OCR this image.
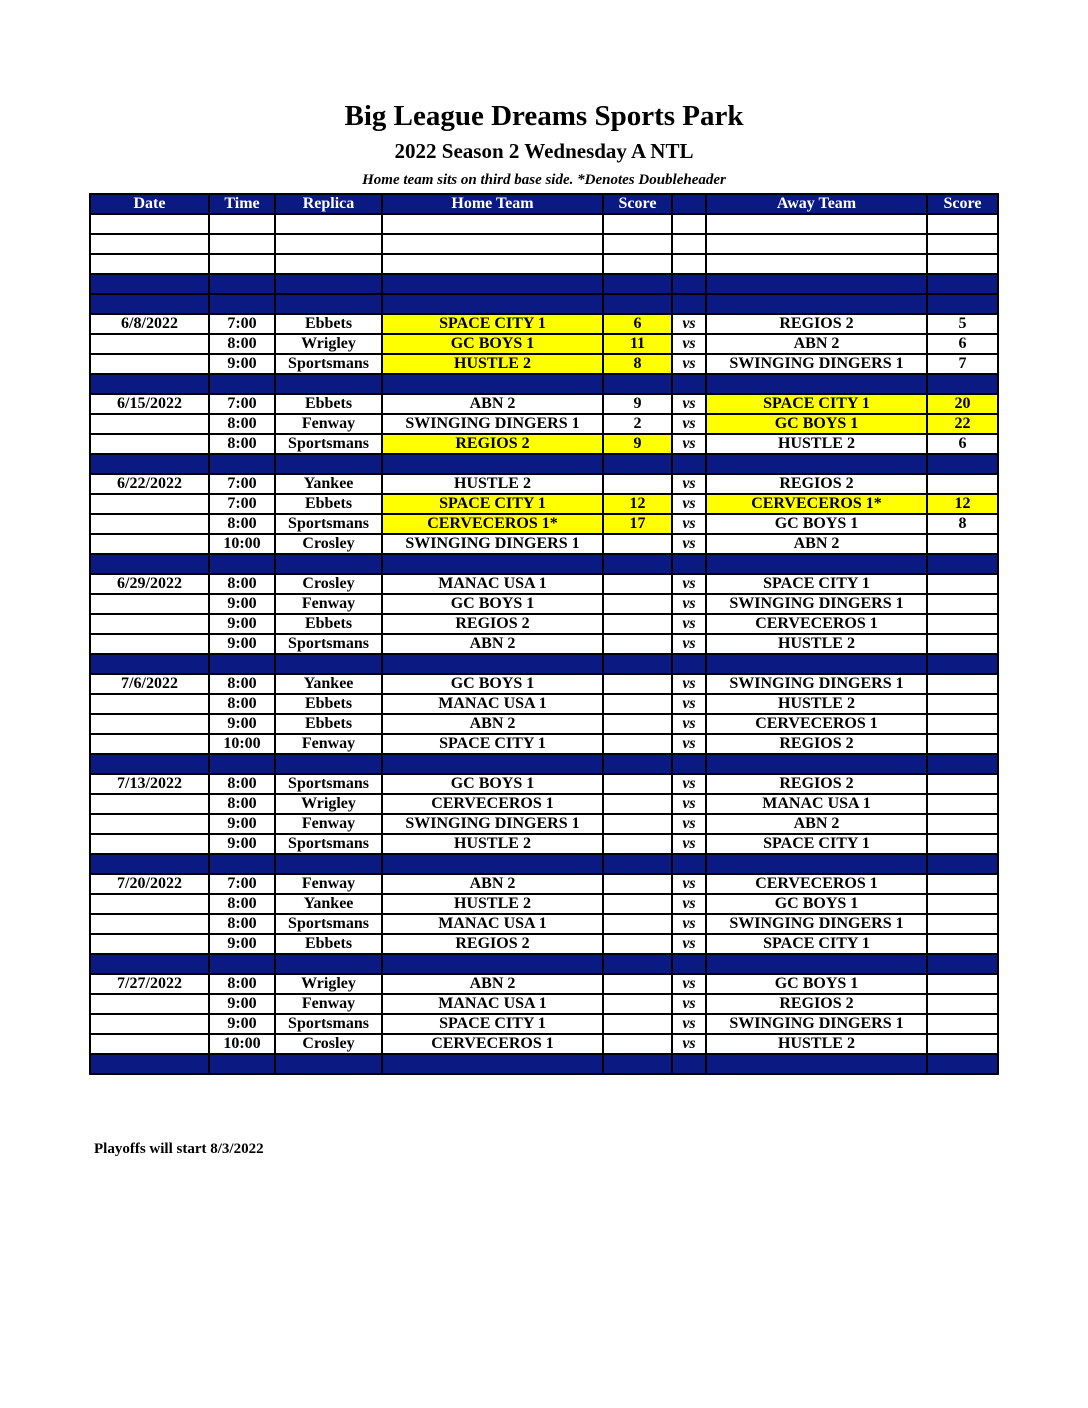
Big League Dreams Sports Park
2022 Season 2 Wednesday A NTL
Home team sits on third base side. *Denotes Doubleheader
Date	Time	Replica	Home Team	Score		Away Team	Score

6/8/2022	7:00	Ebbets	SPACE CITY 1	6	vs	REGIOS 2	5
	8:00	Wrigley	GC BOYS 1	11	vs	ABN 2	6
	9:00	Sportsmans	HUSTLE 2	8	vs	SWINGING DINGERS 1	7

6/15/2022	7:00	Ebbets	ABN 2	9	vs	SPACE CITY 1	20
	8:00	Fenway	SWINGING DINGERS 1	2	vs	GC BOYS 1	22
	8:00	Sportsmans	REGIOS 2	9	vs	HUSTLE 2	6

6/22/2022	7:00	Yankee	HUSTLE 2		vs	REGIOS 2	
	7:00	Ebbets	SPACE CITY 1	12	vs	CERVECEROS 1*	12
	8:00	Sportsmans	CERVECEROS 1*	17	vs	GC BOYS 1	8
	10:00	Crosley	SWINGING DINGERS 1		vs	ABN 2	

6/29/2022	8:00	Crosley	MANAC USA 1		vs	SPACE CITY 1	
	9:00	Fenway	GC BOYS 1		vs	SWINGING DINGERS 1	
	9:00	Ebbets	REGIOS 2		vs	CERVECEROS 1	
	9:00	Sportsmans	ABN 2		vs	HUSTLE 2	

7/6/2022	8:00	Yankee	GC BOYS 1		vs	SWINGING DINGERS 1	
	8:00	Ebbets	MANAC USA 1		vs	HUSTLE 2	
	9:00	Ebbets	ABN 2		vs	CERVECEROS 1	
	10:00	Fenway	SPACE CITY 1		vs	REGIOS 2	

7/13/2022	8:00	Sportsmans	GC BOYS 1		vs	REGIOS 2	
	8:00	Wrigley	CERVECEROS 1		vs	MANAC USA 1	
	9:00	Fenway	SWINGING DINGERS 1		vs	ABN 2	
	9:00	Sportsmans	HUSTLE 2		vs	SPACE CITY 1	

7/20/2022	7:00	Fenway	ABN 2		vs	CERVECEROS 1	
	8:00	Yankee	HUSTLE 2		vs	GC BOYS 1	
	8:00	Sportsmans	MANAC USA 1		vs	SWINGING DINGERS 1	
	9:00	Ebbets	REGIOS 2		vs	SPACE CITY 1	

7/27/2022	8:00	Wrigley	ABN 2		vs	GC BOYS 1	
	9:00	Fenway	MANAC USA 1		vs	REGIOS 2	
	9:00	Sportsmans	SPACE CITY 1		vs	SWINGING DINGERS 1	
	10:00	Crosley	CERVECEROS 1		vs	HUSTLE 2	

Playoffs will start 8/3/2022
